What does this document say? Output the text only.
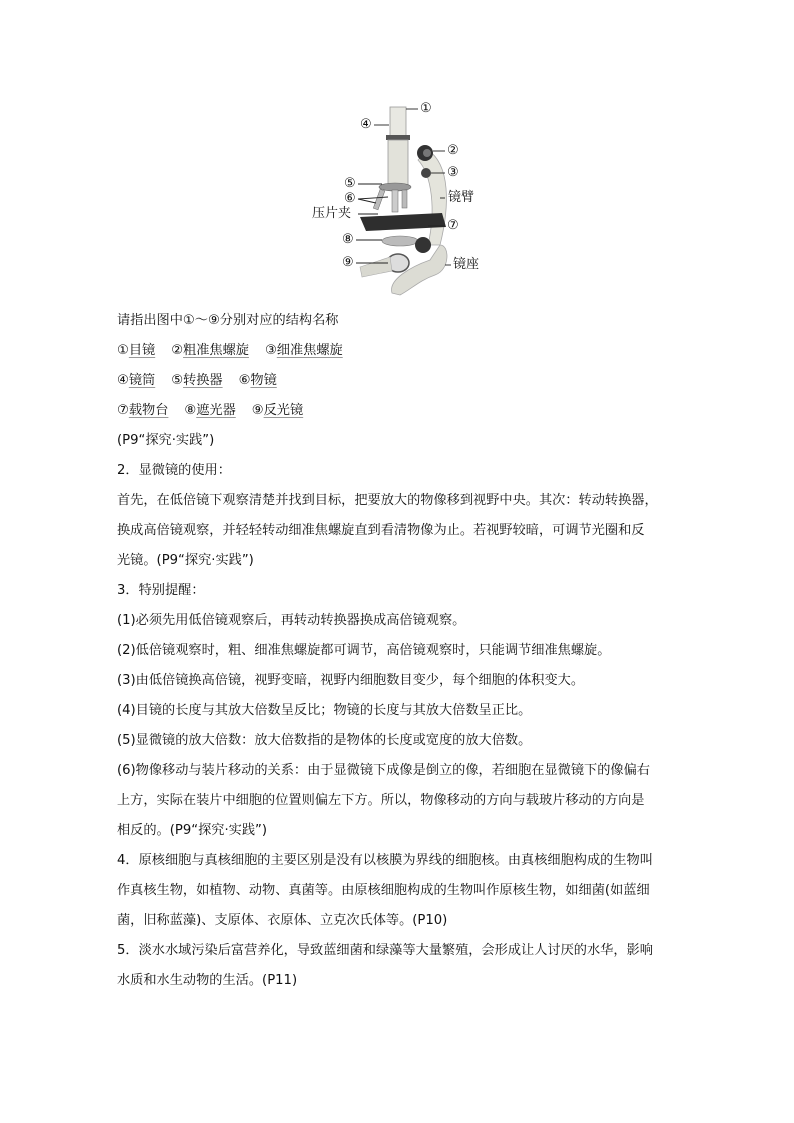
①
④
②
③
⑤
⑥	镜臂
压片夹
⑦
⑧
⑨	镜座
请指出图中①～⑨分别对应的结构名称
①目镜 ②粗准焦螺旋 ③细准焦螺旋
④镜筒 ⑤转换器 ⑥物镜
⑦载物台 ⑧遮光器 ⑨反光镜
(P9“探究·实践”)
2．显微镜的使用：
首先，在低倍镜下观察清楚并找到目标，把要放大的物像移到视野中央。其次：转动转换器，
换成高倍镜观察，并轻轻转动细准焦螺旋直到看清物像为止。若视野较暗，可调节光圈和反
光镜。(P9“探究·实践”)
3．特别提醒：
(1)必须先用低倍镜观察后，再转动转换器换成高倍镜观察。
(2)低倍镜观察时，粗、细准焦螺旋都可调节，高倍镜观察时，只能调节细准焦螺旋。
(3)由低倍镜换高倍镜，视野变暗，视野内细胞数目变少，每个细胞的体积变大。
(4)目镜的长度与其放大倍数呈反比；物镜的长度与其放大倍数呈正比。
(5)显微镜的放大倍数：放大倍数指的是物体的长度或宽度的放大倍数。
(6)物像移动与装片移动的关系：由于显微镜下成像是倒立的像，若细胞在显微镜下的像偏右
上方，实际在装片中细胞的位置则偏左下方。所以，物像移动的方向与载玻片移动的方向是
相反的。(P9“探究·实践”)
4．原核细胞与真核细胞的主要区别是没有以核膜为界线的细胞核。由真核细胞构成的生物叫
作真核生物，如植物、动物、真菌等。由原核细胞构成的生物叫作原核生物，如细菌(如蓝细
菌，旧称蓝藻)、支原体、衣原体、立克次氏体等。(P10)
5．淡水水域污染后富营养化，导致蓝细菌和绿藻等大量繁殖，会形成让人讨厌的水华，影响
水质和水生动物的生活。(P11)
